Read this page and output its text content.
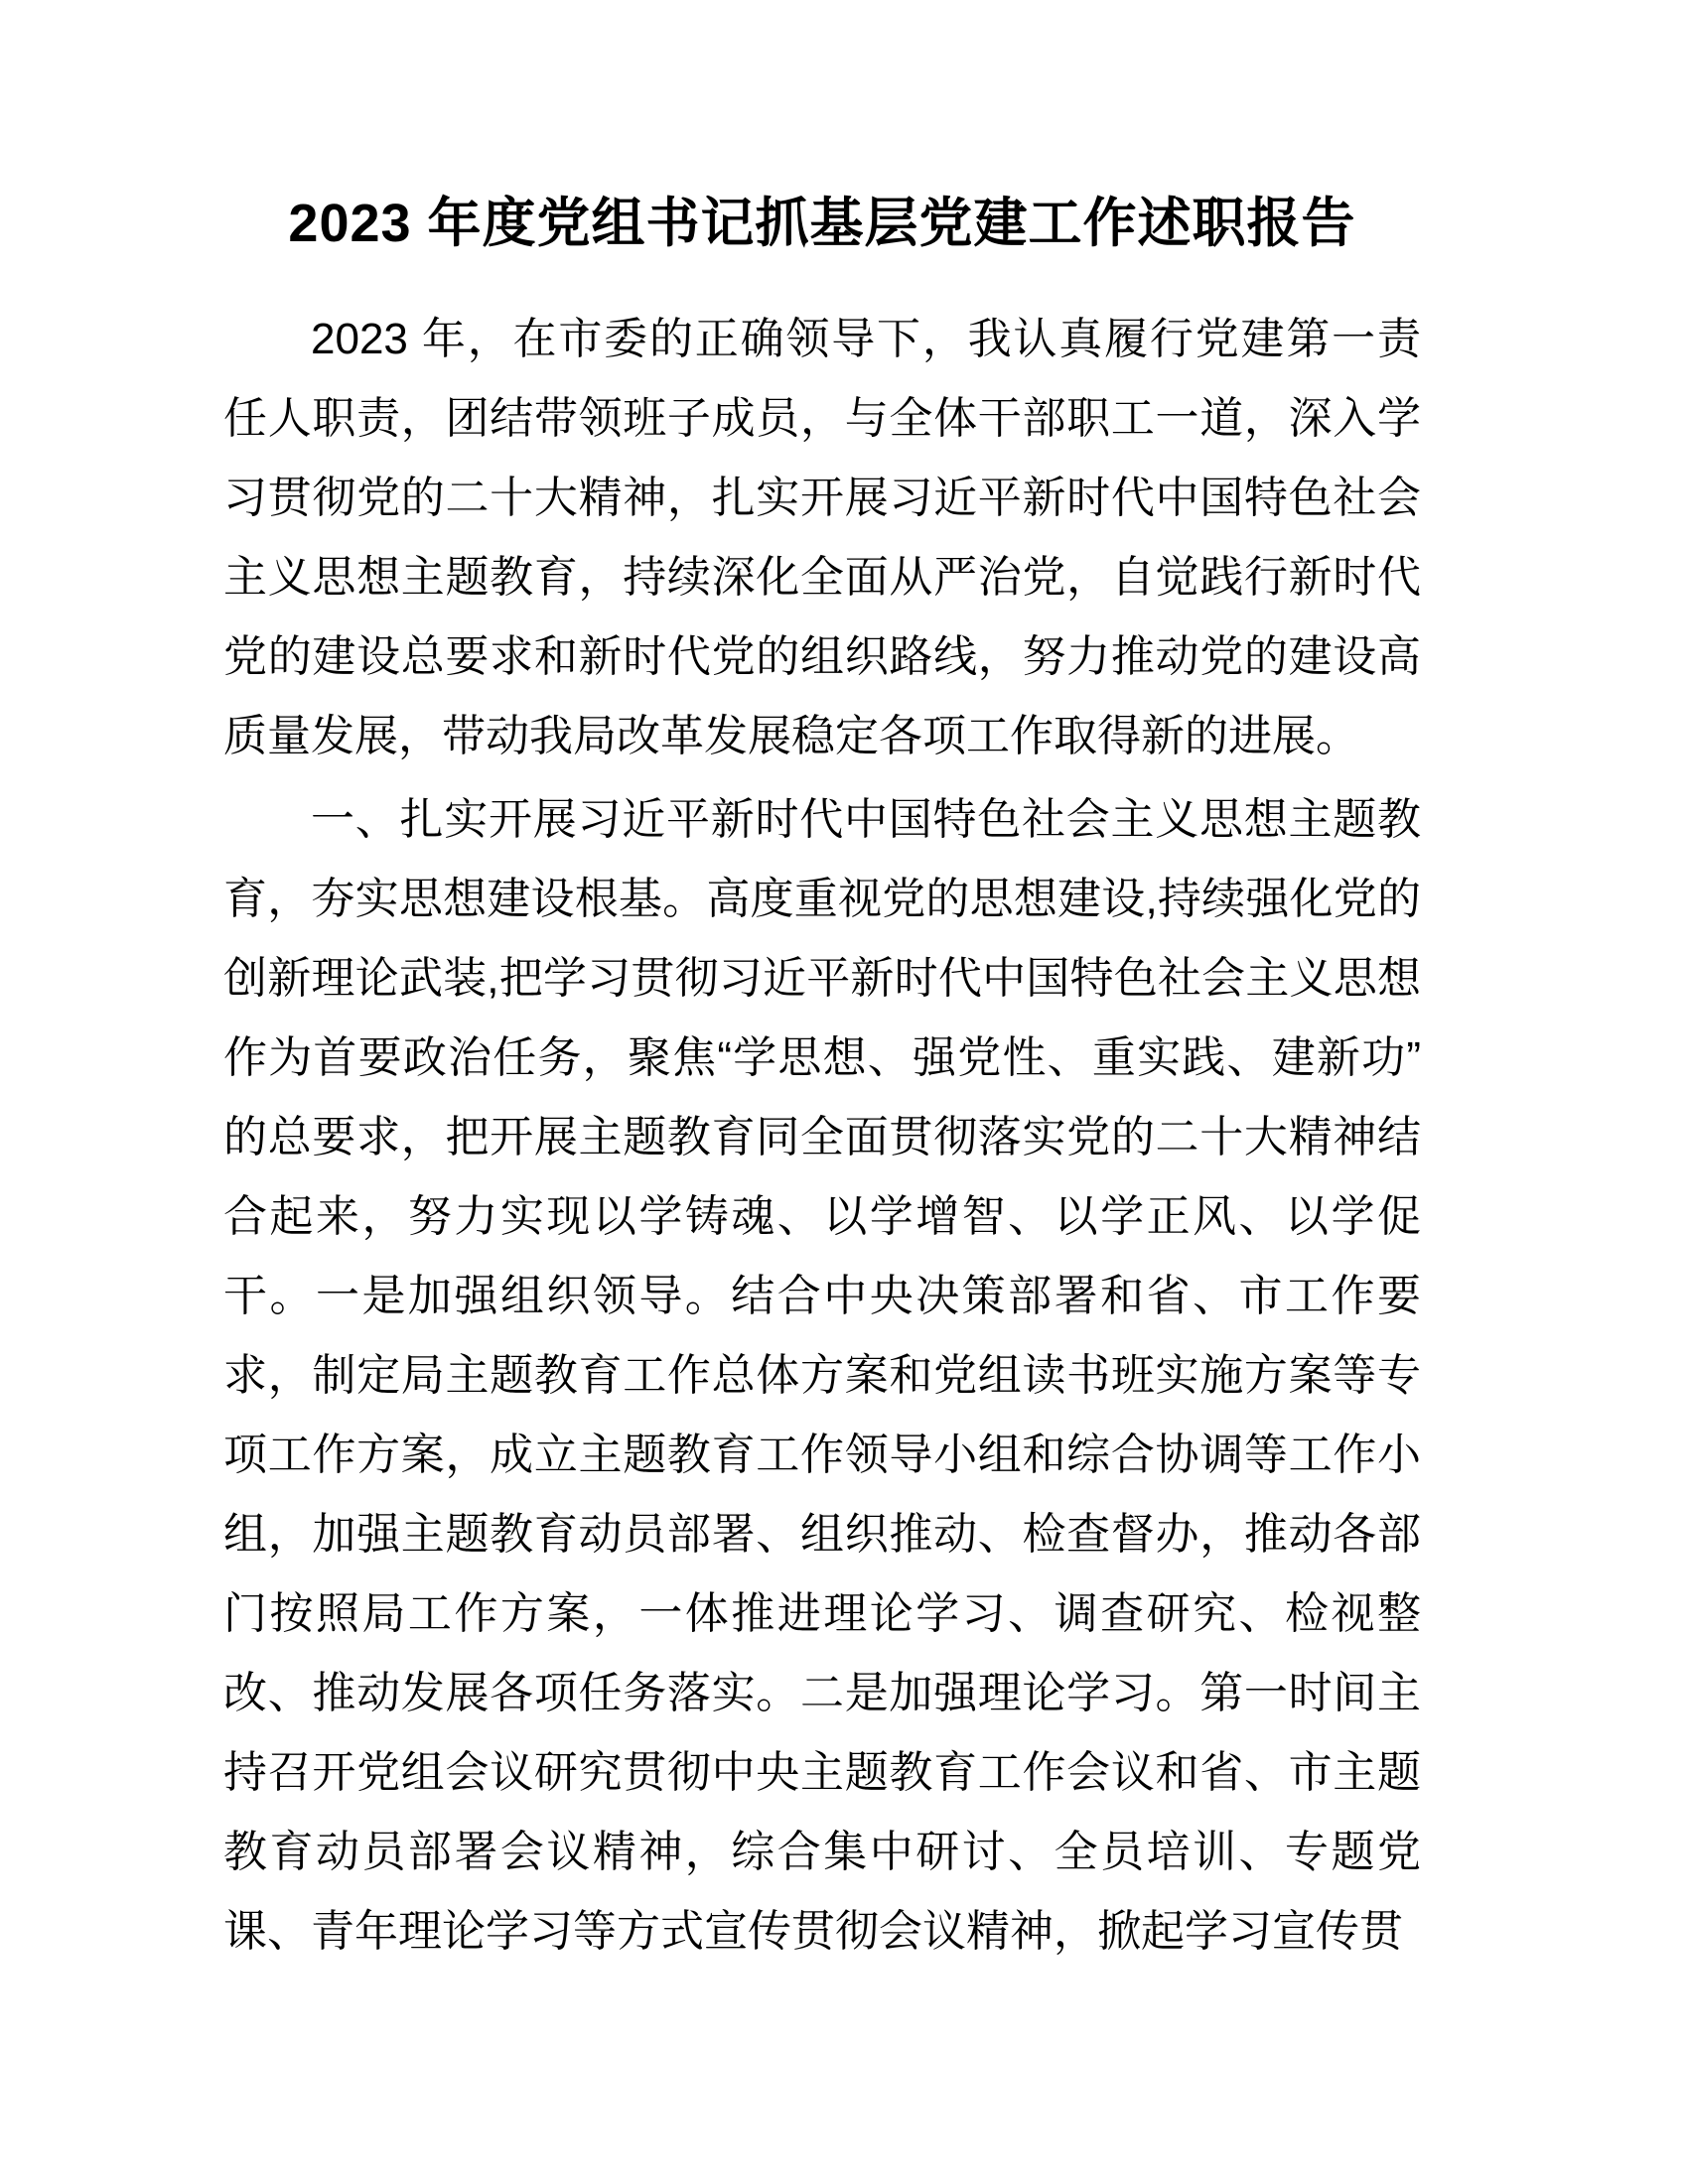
2023 年度党组书记抓基层党建工作述职报告

2023 年，在市委的正确领导下，我认真履行党建第一责任人职责，团结带领班子成员，与全体干部职工一道，深入学习贯彻党的二十大精神，扎实开展习近平新时代中国特色社会主义思想主题教育，持续深化全面从严治党，自觉践行新时代党的建设总要求和新时代党的组织路线，努力推动党的建设高质量发展，带动我局改革发展稳定各项工作取得新的进展。

一、扎实开展习近平新时代中国特色社会主义思想主题教育，夯实思想建设根基。高度重视党的思想建设,持续强化党的创新理论武装,把学习贯彻习近平新时代中国特色社会主义思想作为首要政治任务，聚焦“学思想、强党性、重实践、建新功”的总要求，把开展主题教育同全面贯彻落实党的二十大精神结合起来，努力实现以学铸魂、以学增智、以学正风、以学促干。一是加强组织领导。结合中央决策部署和省、市工作要求，制定局主题教育工作总体方案和党组读书班实施方案等专项工作方案，成立主题教育工作领导小组和综合协调等工作小组，加强主题教育动员部署、组织推动、检查督办，推动各部门按照局工作方案，一体推进理论学习、调查研究、检视整改、推动发展各项任务落实。二是加强理论学习。第一时间主持召开党组会议研究贯彻中央主题教育工作会议和省、市主题教育动员部署会议精神，综合集中研讨、全员培训、专题党课、青年理论学习等方式宣传贯彻会议精神，掀起学习宣传贯
